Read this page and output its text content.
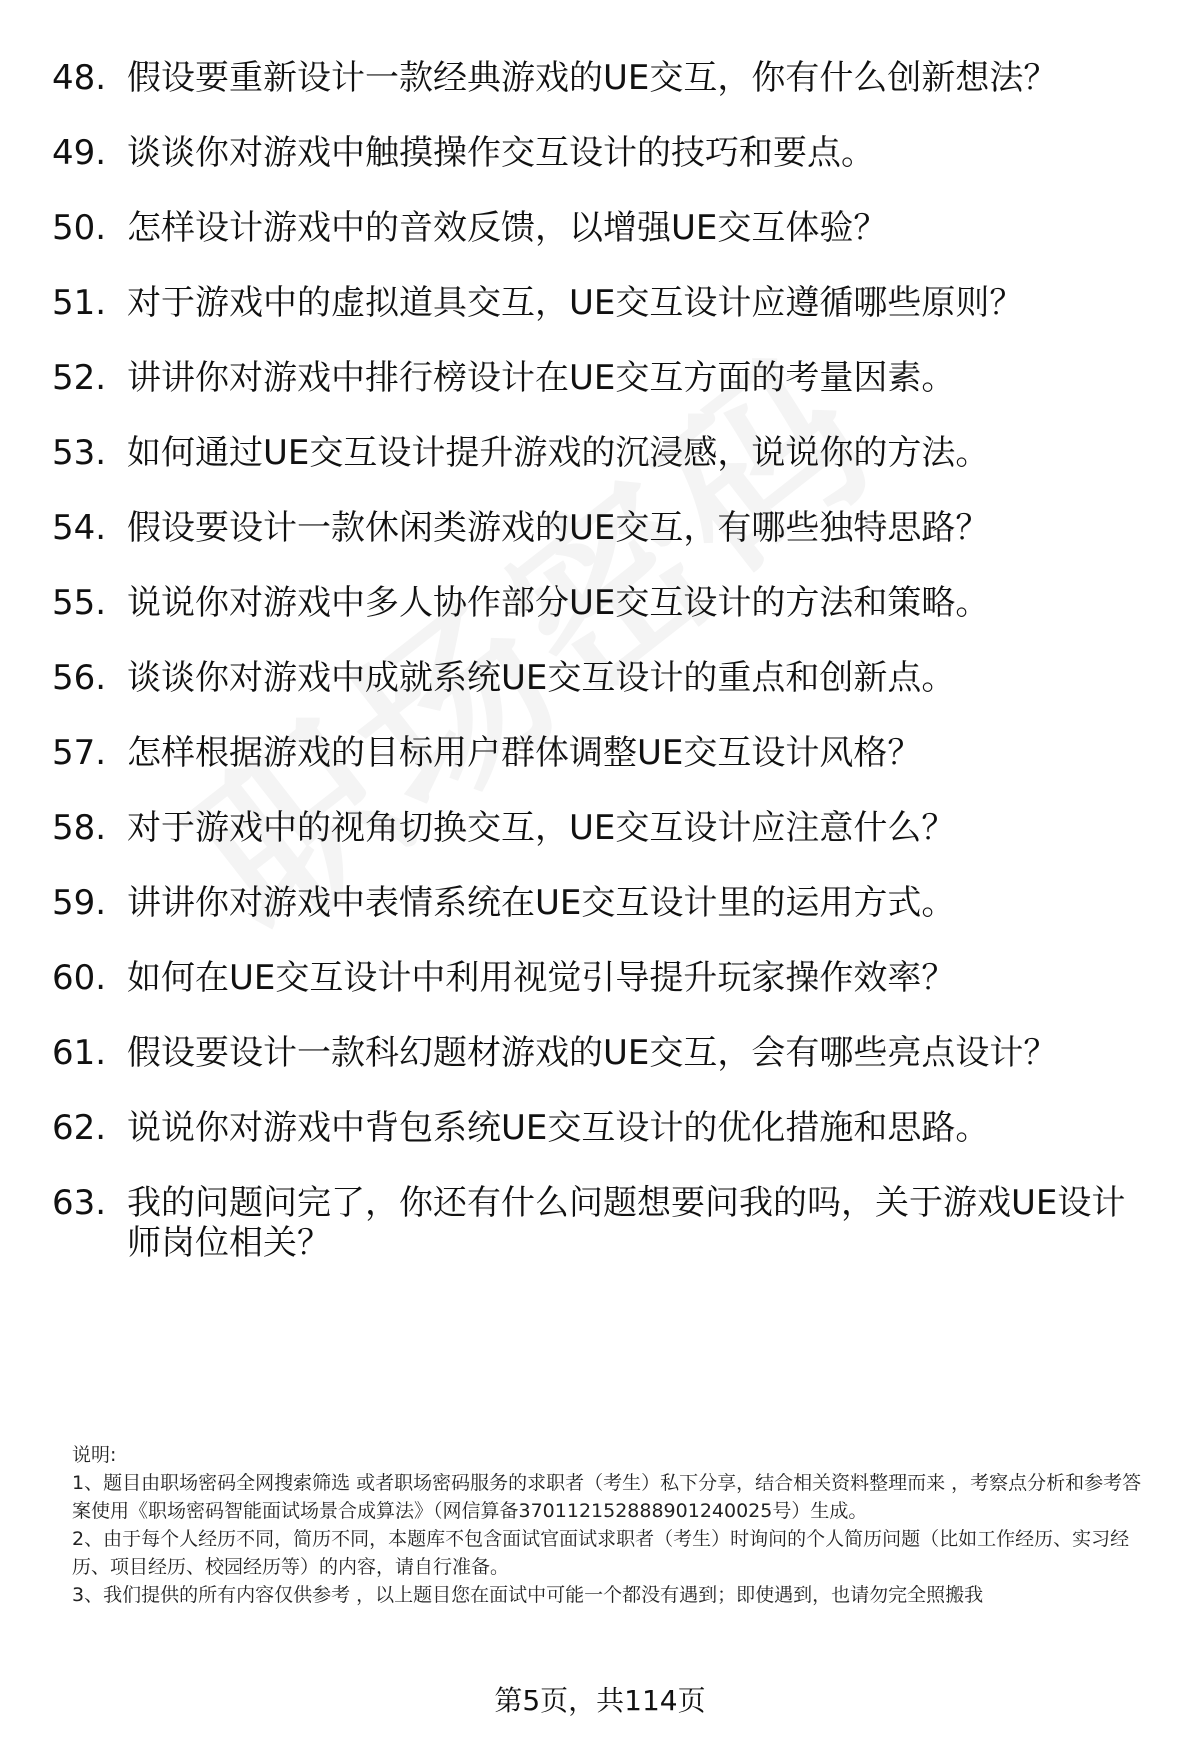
48. 假设要重新设计一款经典游戏的UE交互，你有什么创新想法？
49. 谈谈你对游戏中触摸操作交互设计的技巧和要点。
50. 怎样设计游戏中的音效反馈，以增强UE交互体验？
51. 对于游戏中的虚拟道具交互，UE交互设计应遵循哪些原则？
52. 讲讲你对游戏中排行榜设计在UE交互方面的考量因素。
53. 如何通过UE交互设计提升游戏的沉浸感，说说你的方法。
54. 假设要设计一款休闲类游戏的UE交互，有哪些独特思路？
55. 说说你对游戏中多人协作部分UE交互设计的方法和策略。
56. 谈谈你对游戏中成就系统UE交互设计的重点和创新点。
57. 怎样根据游戏的目标用户群体调整UE交互设计风格？
58. 对于游戏中的视角切换交互，UE交互设计应注意什么？
59. 讲讲你对游戏中表情系统在UE交互设计里的运用方式。
60. 如何在UE交互设计中利用视觉引导提升玩家操作效率？
61. 假设要设计一款科幻题材游戏的UE交互，会有哪些亮点设计？
62. 说说你对游戏中背包系统UE交互设计的优化措施和思路。
63. 我的问题问完了，你还有什么问题想要问我的吗，关于游戏UE设计师岗位相关？

说明:

1、题目由职场密码全网搜索筛选 或者职场密码服务的求职者（考生）私下分享，结合相关资料整理而来 ，考察点分析和参考答案使用《职场密码智能面试场景合成算法》（网信算备370112152888901240025号）生成。

2、由于每个人经历不同，简历不同，本题库不包含面试官面试求职者（考生）时询问的个人简历问题（比如工作经历、实习经历、项目经历、校园经历等）的内容，请自行准备。

3、我们提供的所有内容仅供参考 ，以上题目您在面试中可能一个都没有遇到；即使遇到，也请勿完全照搬我

第5页，共114页
